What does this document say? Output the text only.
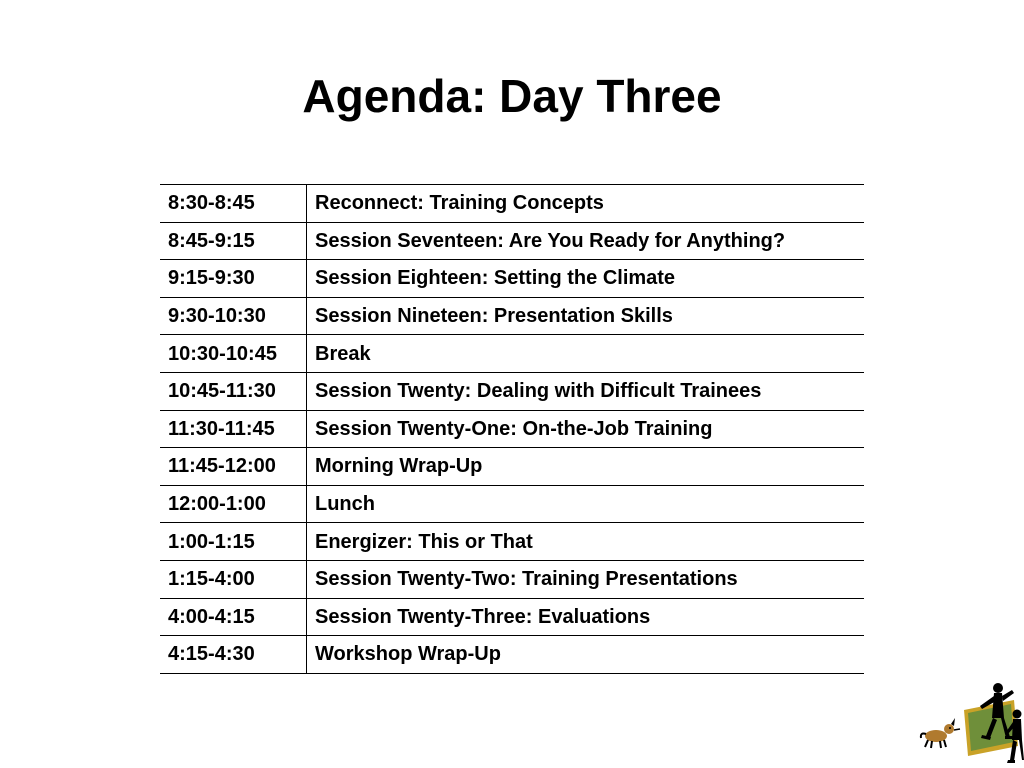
Agenda: Day Three
8:30-8:45	Reconnect: Training Concepts
8:45-9:15	Session Seventeen: Are You Ready for Anything?
9:15-9:30	Session Eighteen: Setting the Climate
9:30-10:30	Session Nineteen: Presentation Skills
10:30-10:45	Break
10:45-11:30	Session Twenty: Dealing with Difficult Trainees
11:30-11:45	Session Twenty-One: On-the-Job Training
11:45-12:00	Morning Wrap-Up
12:00-1:00	Lunch
1:00-1:15	Energizer: This or That
1:15-4:00	Session Twenty-Two: Training Presentations
4:00-4:15	Session Twenty-Three: Evaluations
4:15-4:30	Workshop Wrap-Up
